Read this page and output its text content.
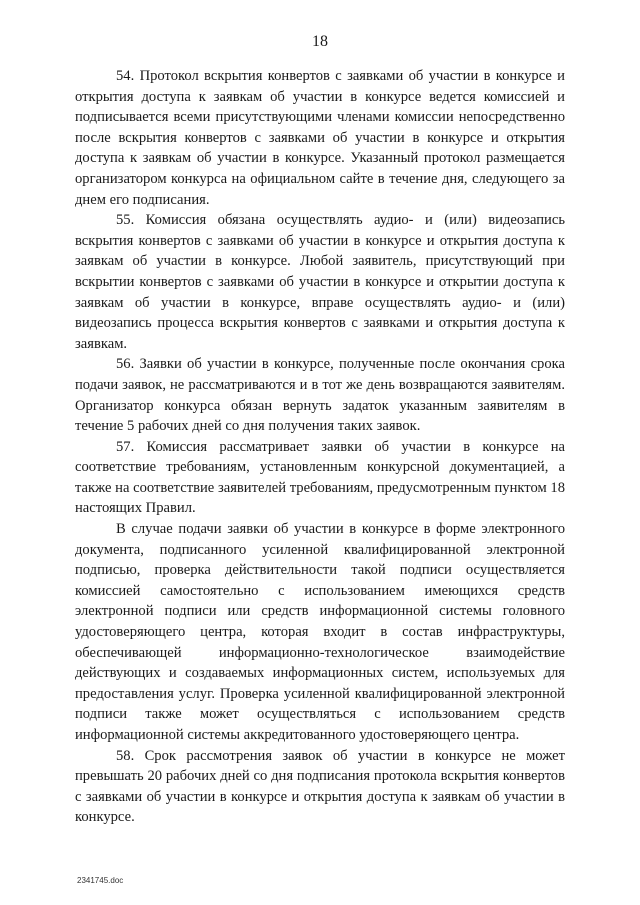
18

54. Протокол вскрытия конвертов с заявками об участии в конкурсе и открытия доступа к заявкам об участии в конкурсе ведется комиссией и подписывается всеми присутствующими членами комиссии непосредственно после вскрытия конвертов с заявками об участии в конкурсе и открытия доступа к заявкам об участии в конкурсе. Указанный протокол размещается организатором конкурса на официальном сайте в течение дня, следующего за днем его подписания.

55. Комиссия обязана осуществлять аудио- и (или) видеозапись вскрытия конвертов с заявками об участии в конкурсе и открытия доступа к заявкам об участии в конкурсе. Любой заявитель, присутствующий при вскрытии конвертов с заявками об участии в конкурсе и открытии доступа к заявкам об участии в конкурсе, вправе осуществлять аудио- и (или) видеозапись процесса вскрытия конвертов с заявками и открытия доступа к заявкам.

56. Заявки об участии в конкурсе, полученные после окончания срока подачи заявок, не рассматриваются и в тот же день возвращаются заявителям. Организатор конкурса обязан вернуть задаток указанным заявителям в течение 5 рабочих дней со дня получения таких заявок.

57. Комиссия рассматривает заявки об участии в конкурсе на соответствие требованиям, установленным конкурсной документацией, а также на соответствие заявителей требованиям, предусмотренным пунктом 18 настоящих Правил.

В случае подачи заявки об участии в конкурсе в форме электронного документа, подписанного усиленной квалифицированной электронной подписью, проверка действительности такой подписи осуществляется комиссией самостоятельно с использованием имеющихся средств электронной подписи или средств информационной системы головного удостоверяющего центра, которая входит в состав инфраструктуры, обеспечивающей информационно-технологическое взаимодействие действующих и создаваемых информационных систем, используемых для предоставления услуг. Проверка усиленной квалифицированной электронной подписи также может осуществляться с использованием средств информационной системы аккредитованного удостоверяющего центра.

58. Срок рассмотрения заявок об участии в конкурсе не может превышать 20 рабочих дней со дня подписания протокола вскрытия конвертов с заявками об участии в конкурсе и открытия доступа к заявкам об участии в конкурсе.

2341745.doc
